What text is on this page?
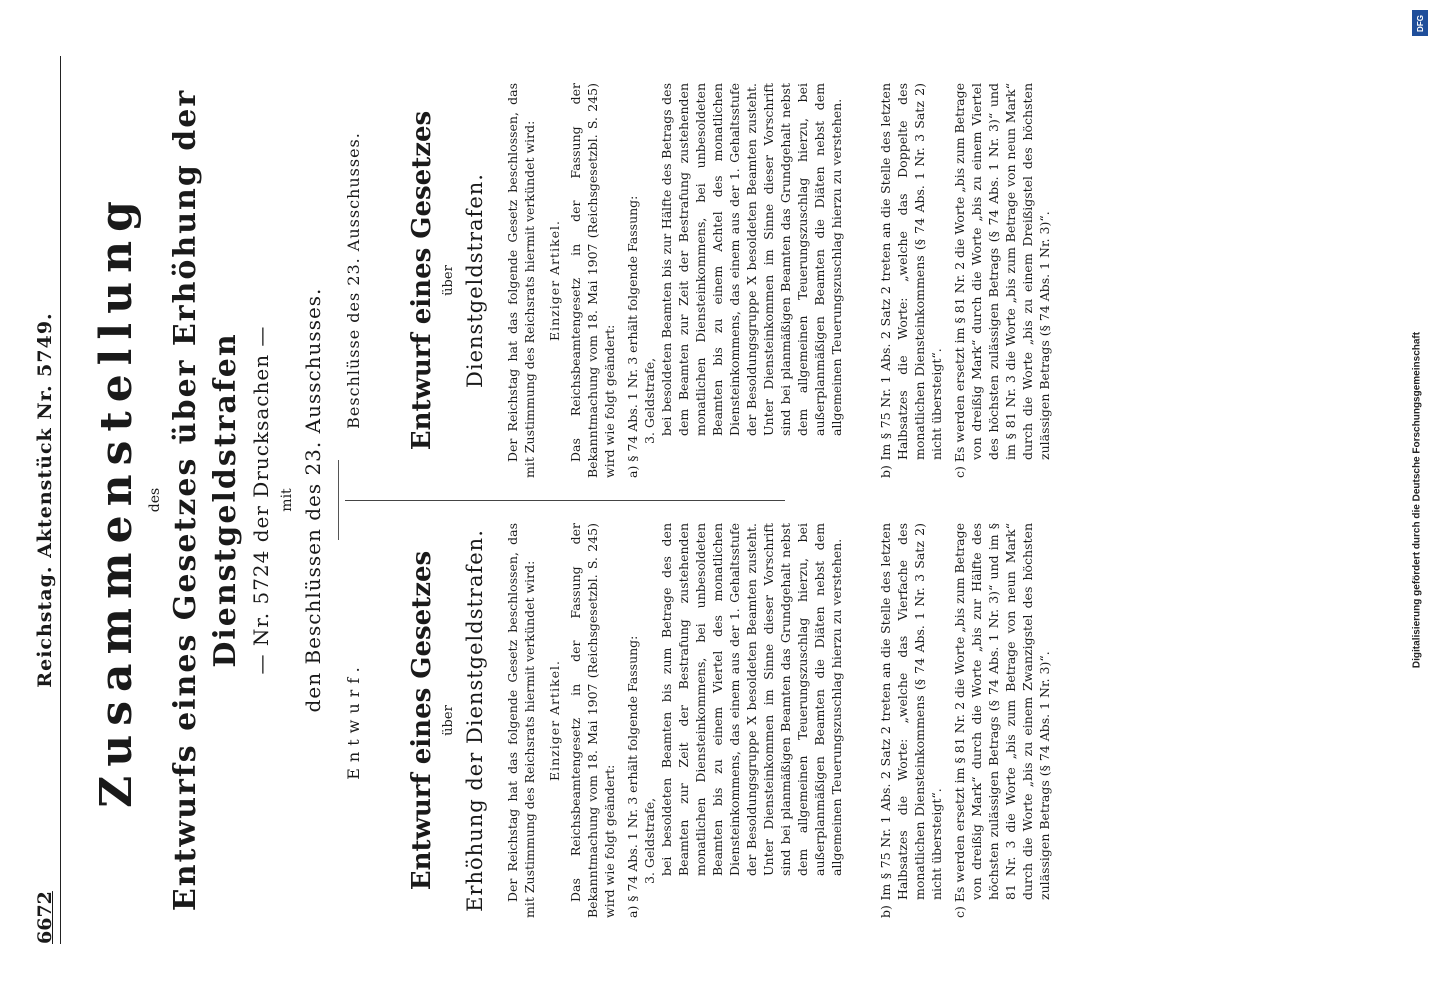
6672
Reichstag. Aktenstück Nr. 5749. Zusammenstellung des Entwurfs eines Gesetzes über Erhöhung der Dienstgeldstrafen — Nr. 5724 der Drucksachen — mit den Beschlüssen des 23. Ausschusses.
Entwurf. Entwurf eines Gesetzes über Erhöhung der Dienstgeldstrafen. Der Reichstag hat das folgende Gesetz beschlossen, das mit Zustimmung des Reichsrats hiermit verkündet wird: Einziger Artikel. Das Reichsbeamtengesetz in der Fassung der Bekanntmachung vom 18. Mai 1907 (Reichsgesetzbl. S. 245) wird wie folgt geändert: a) § 74 Abs. 1 Nr. 3 erhält folgende Fassung: 3. Geldstrafe, bei besoldeten Beamten bis zum Betrage des den Beamten zur Zeit der Bestrafung zustehenden monatlichen Diensteinkommens, bei unbesoldeten Beamten bis zu einem Viertel des monatlichen Diensteinkommens, das einem aus der 1. Gehaltsstufe der Besoldungsgruppe X besoldeten Beamten zusteht. Unter Diensteinkommen im Sinne dieser Vorschrift sind bei planmäßigen Beamten das Grundgehalt nebst dem allgemeinen Teuerungszuschlag hierzu, bei außerplanmäßigen Beamten die Diäten nebst dem allgemeinen Teuerungszuschlag hierzu zu verstehen.	b) Im § 75 Nr. 1 Abs. 2 Satz 2 treten an die Stelle des letzten Halbsatzes die Worte: „welche das Vierfache des monatlichen Diensteinkommens (§ 74 Abs. 1 Nr. 3 Satz 2) nicht übersteigt“. c) Es werden ersetzt im § 81 Nr. 2 die Worte „bis zum Betrage von dreißig Mark“ durch die Worte „bis zur Hälfte des höchsten zulässigen Betrags (§ 74 Abs. 1 Nr. 3)“ und im § 81 Nr. 3 die Worte „bis zum Betrage von neun Mark“ durch die Worte „bis zu einem Zwanzigstel des höchsten zulässigen Betrags (§ 74 Abs. 1 Nr. 3)“.
Beschlüsse des 23. Ausschusses. Entwurf eines Gesetzes über Dienstgeldstrafen. Der Reichstag hat das folgende Gesetz beschlossen, das mit Zustimmung des Reichsrats hiermit verkündet wird: Einziger Artikel. Das Reichsbeamtengesetz in der Fassung der Bekanntmachung vom 18. Mai 1907 (Reichsgesetzbl. S. 245) wird wie folgt geändert: a) § 74 Abs. 1 Nr. 3 erhält folgende Fassung: 3. Geldstrafe, bei besoldeten Beamten bis zur Hälfte des Betrags des dem Beamten zur Zeit der Bestrafung zustehenden monatlichen Diensteinkommens, bei unbesoldeten Beamten bis zu einem Achtel des monatlichen Diensteinkommens, das einem aus der 1. Gehaltsstufe der Besoldungsgruppe X besoldeten Beamten zusteht. Unter Diensteinkommen im Sinne dieser Vorschrift sind bei planmäßigen Beamten das Grundgehalt nebst dem allgemeinen Teuerungszuschlag hierzu, bei außerplanmäßigen Beamten die Diäten nebst dem allgemeinen Teuerungszuschlag hierzu zu verstehen.	b) Im § 75 Nr. 1 Abs. 2 Satz 2 treten an die Stelle des letzten Halbsatzes die Worte: „welche das Doppelte des monatlichen Diensteinkommens (§ 74 Abs. 1 Nr. 3 Satz 2) nicht übersteigt“. c) Es werden ersetzt im § 81 Nr. 2 die Worte „bis zum Betrage von dreißig Mark“ durch die Worte „bis zu einem Viertel des höchsten zulässigen Betrags (§ 74 Abs. 1 Nr. 3)“ und im § 81 Nr. 3 die Worte „bis zum Betrage von neun Mark“ durch die Worte „bis zu einem Dreißigstel des höchsten zulässigen Betrags (§ 74 Abs. 1 Nr. 3)“.
DFG
Digitalisierung gefördert durch die Deutsche Forschungsgemeinschaft
